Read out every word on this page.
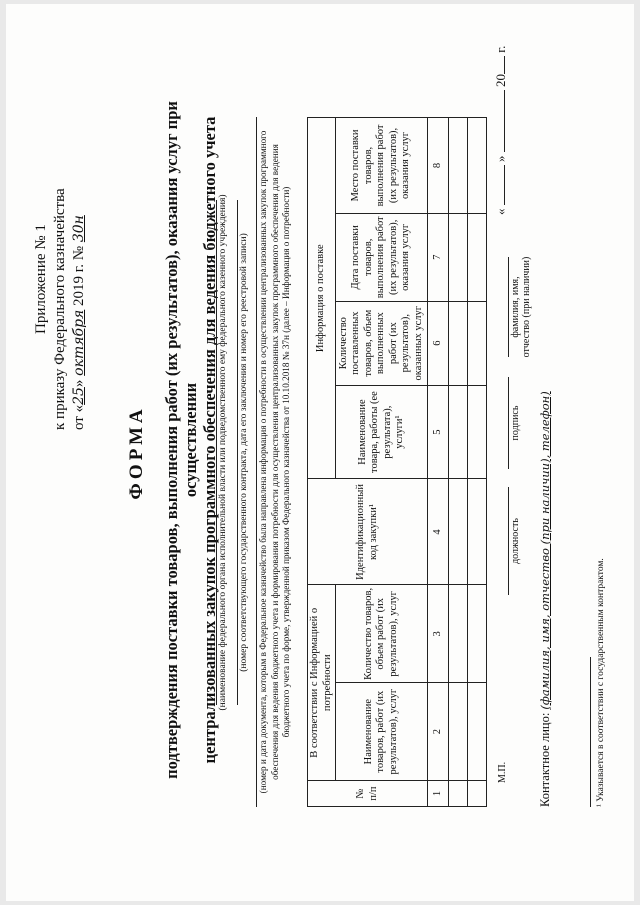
Приложение № 1 к приказу Федерального казначейства от «25» октября 2019 г. № 30н
ФОРМА подтверждения поставки товаров, выполнения работ (их результатов), оказания услуг при осуществлении централизованных закупок программного обеспечения для ведения бюджетного учета (наименование федерального органа исполнительной власти или подведомственного ему федерального казенного учреждения) (номер соответствующего государственного контракта, дата его заключения и номер его реестровой записи) (номер и дата документа, которым в Федеральное казначейство была направлена информация о потребности в осуществлении централизованных закупок программного обеспечения для ведения бюджетного учета и формирования потребности для осуществления централизованных закупок программного обеспечения для ведения бюджетного учета по форме, утвержденной приказом Федерального казначейства от 10.10.2018 № 37н (далее – Информация о потребности)
№ п/п	В соответствии с Информацией о потребности		Идентификационный код закупки¹	Информация о поставке			
	Наименование товаров, работ (их результатов), услуг	Количество товаров, объем работ (их результатов), услуг		Наименование товара, работы (ее результата), услуги¹	Количество поставленных товаров, объем выполненных работ (их результатов), оказанных услуг	Дата поставки товаров, выполнения работ (их результатов), оказания услуг	Место поставки товаров, выполнения работ (их результатов), оказания услуг
1	2	3	4	5	6	7	8

М.П.
должность
подпись
фамилия, имя, отчество (при наличии)
«  »  20 г.
Контактное лицо: (фамилия, имя, отчество (при наличии), телефон)	¹ Указывается в соответствии с государственным контрактом.
